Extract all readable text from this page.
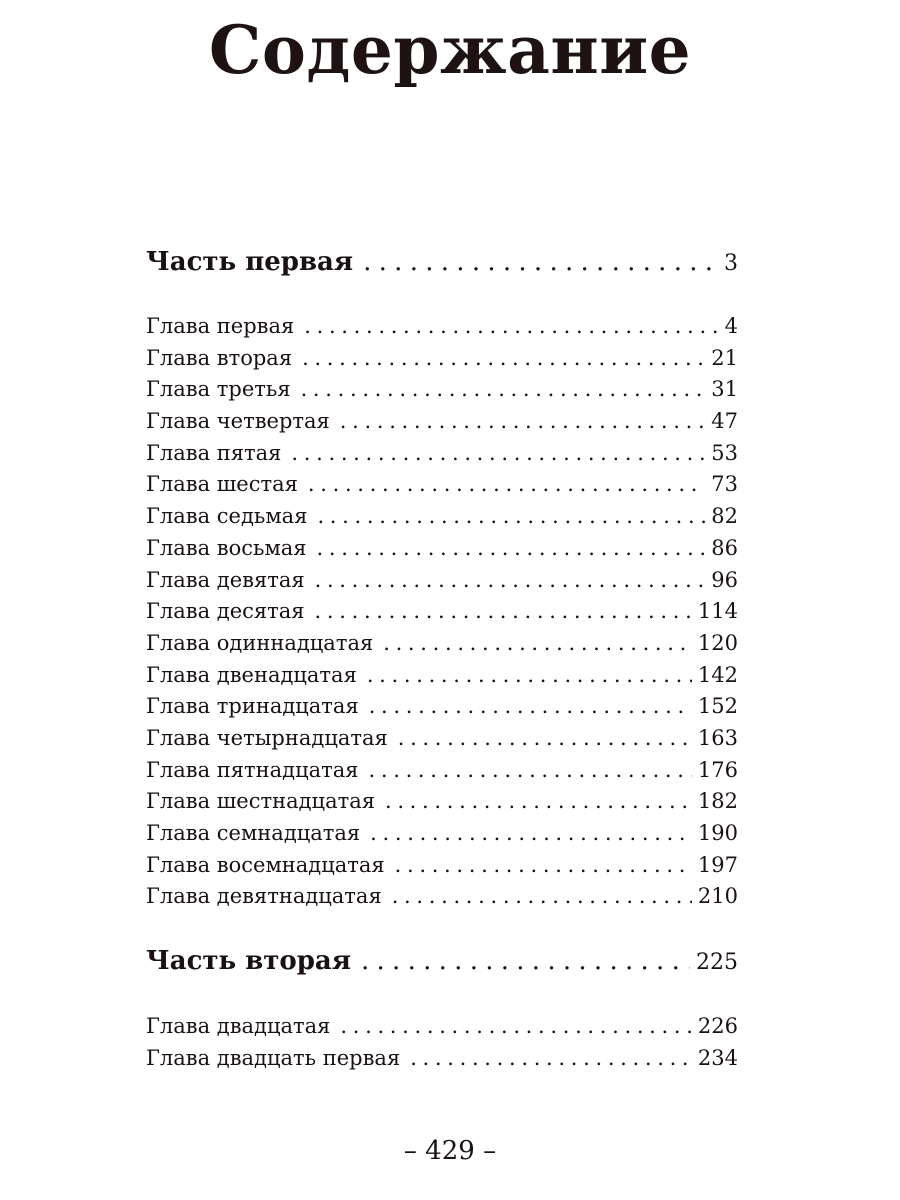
Содержание
Часть первая . . .	3
Глава первая . . .	4
Глава вторая . . .	21
Глава третья . . .	31
Глава четвертая . . .	47
Глава пятая . . .	53
Глава шестая . . .	73
Глава седьмая . . .	82
Глава восьмая . . .	86
Глава девятая . . .	96
Глава десятая . . .	114
Глава одиннадцатая . . .	120
Глава двенадцатая . . .	142
Глава тринадцатая . . .	152
Глава четырнадцатая . . .	163
Глава пятнадцатая . . .	176
Глава шестнадцатая . . .	182
Глава семнадцатая . . .	190
Глава восемнадцатая . . .	197
Глава девятнадцатая . . .	210
Часть вторая . . .	225
Глава двадцатая . . .	226
Глава двадцать первая . . .	234
– 429 –
